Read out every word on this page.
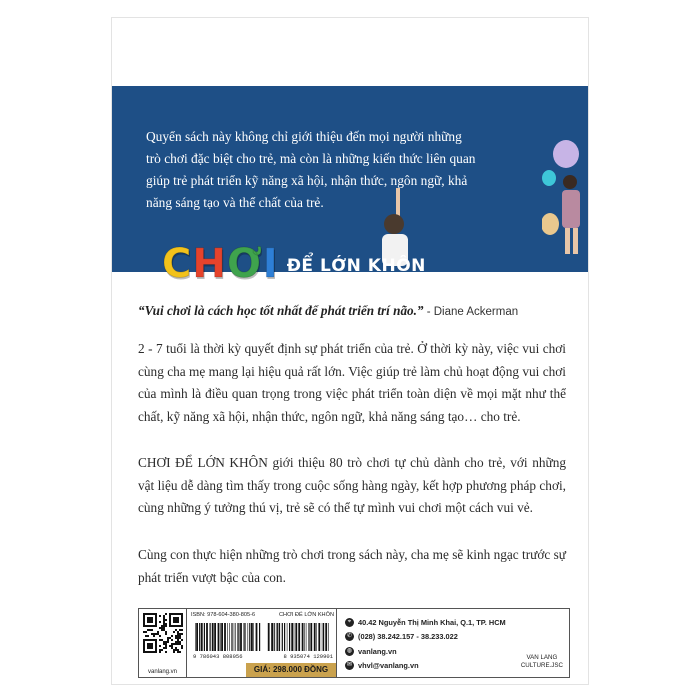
Quyển sách này không chỉ giới thiệu đến mọi người những trò chơi đặc biệt cho trẻ, mà còn là những kiến thức liên quan giúp trẻ phát triển kỹ năng xã hội, nhận thức, ngôn ngữ, khả năng sáng tạo và thể chất của trẻ.

C H Ơ I ĐỂ LỚN KHÔN

“Vui chơi là cách học tốt nhất để phát triển trí não.” - Diane Ackerman

2 - 7 tuổi là thời kỳ quyết định sự phát triển của trẻ. Ở thời kỳ này, việc vui chơi cùng cha mẹ mang lại hiệu quả rất lớn. Việc giúp trẻ làm chủ hoạt động vui chơi của mình là điều quan trọng trong việc phát triển toàn diện về mọi mặt như thể chất, kỹ năng xã hội, nhận thức, ngôn ngữ, khả năng sáng tạo… cho trẻ.

CHƠI ĐỂ LỚN KHÔN giới thiệu 80 trò chơi tự chủ dành cho trẻ, với những vật liệu dễ dàng tìm thấy trong cuộc sống hàng ngày, kết hợp phương pháp chơi, cùng những ý tưởng thú vị, trẻ sẽ có thể tự mình vui chơi một cách vui vẻ.

Cùng con thực hiện những trò chơi trong sách này, cha mẹ sẽ kinh ngạc trước sự phát triển vượt bậc của con.

vanlang.vn
ISBN: 978-604-380-805-6	CHƠI ĐỂ LỚN KHÔN
9 786043 808056	8 935074 129901
GIÁ: 298.000 ĐỒNG
⌖ 40.42 Nguyễn Thị Minh Khai, Q.1, TP. HCM
✆ (028) 38.242.157 - 38.233.022
◍ vanlang.vn
✉ vhvl@vanlang.vn
VAN LANG
CULTURE.JSC
